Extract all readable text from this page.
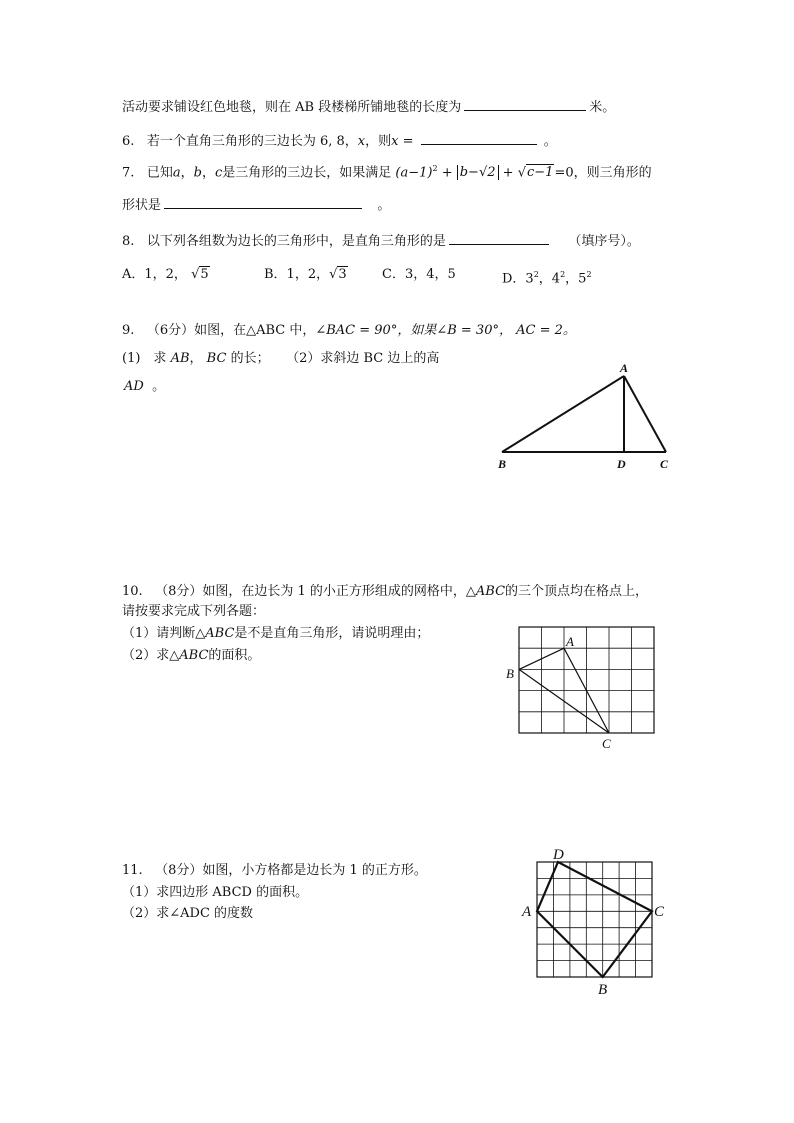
活动要求铺设红色地毯，则在 AB 段楼梯所铺地毯的长度为	米。
6. 若一个直角三角形的三边长为 6, 8，x，则x =	。
7. 已知a，b，c是三角形的三边长，如果满足 $(a-1)^2 + b-√2 + √c-1=0$，则三角形的
形状是	。
8. 以下列各组数为边长的三角形中，是直角三角形的是	（填序号）。
A．1，2， √5	B．1，2，√3	C．3，4，5	D．$3^2$，$4^2$，$5^2$
9. （6分）如图，在△ABC 中，∠BAC = 90°，如果∠B = 30°， AC = 2。
(1)　求 AB， BC 的长； （2）求斜边 BC 边上的高
AD 。
A
B	D	C
10. （8分）如图，在边长为 1 的小正方形组成的网格中，△ABC的三个顶点均在格点上，
请按要求完成下列各题：
（1）请判断△ABC是不是直角三角形，请说明理由；
（2）求△ABC的面积。
A
B
C
11. （8分）如图，小方格都是边长为 1 的正方形。
（1）求四边形 ABCD 的面积。
（2）求∠ADC 的度数
D
A	C
B
